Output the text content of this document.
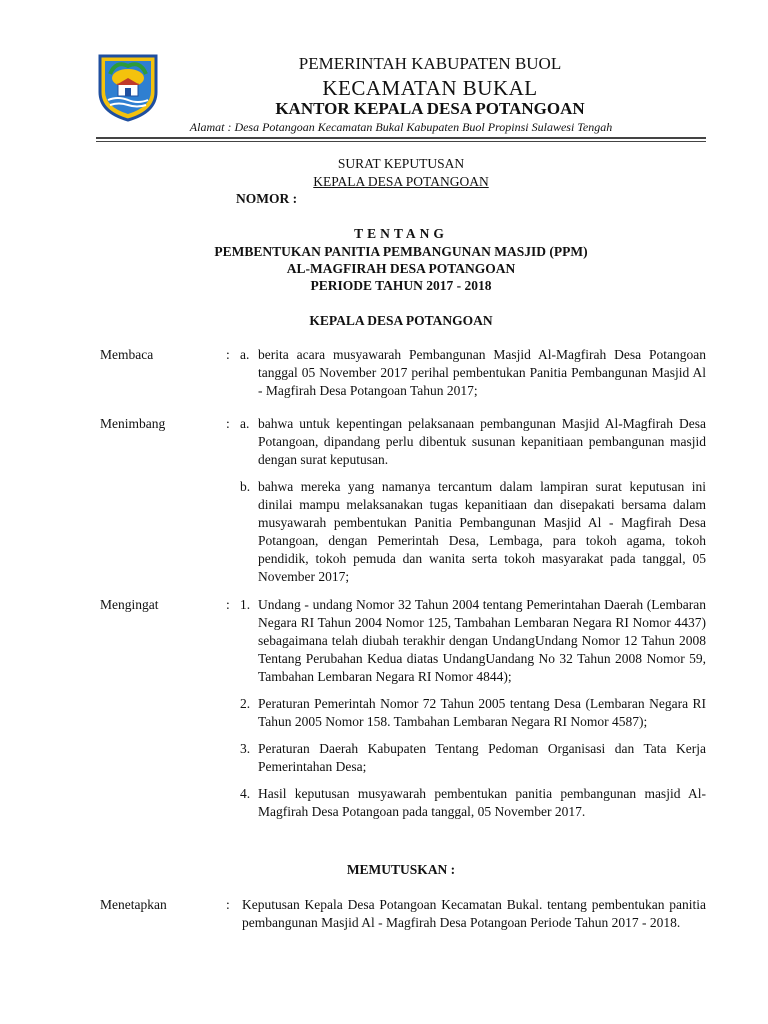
PEMERINTAH KABUPATEN BUOL
KECAMATAN BUKAL
KANTOR KEPALA DESA POTANGOAN
Alamat : Desa Potangoan Kecamatan Bukal Kabupaten Buol Propinsi Sulawesi Tengah
SURAT KEPUTUSAN
KEPALA DESA POTANGOAN
NOMOR :
TENTANG
PEMBENTUKAN PANITIA PEMBANGUNAN MASJID (PPM)
AL-MAGFIRAH DESA POTANGOAN
PERIODE TAHUN 2017 - 2018
KEPALA DESA POTANGOAN
Membaca	: a. berita acara musyawarah Pembangunan Masjid Al-Magfirah Desa Potangoan tanggal 05 November 2017 perihal pembentukan Panitia Pembangunan Masjid Al - Magfirah Desa Potangoan Tahun 2017;
Menimbang	: a. bahwa untuk kepentingan pelaksanaan pembangunan Masjid Al-Magfirah Desa Potangoan, dipandang perlu dibentuk susunan kepanitiaan pembangunan masjid dengan surat keputusan.
b. bahwa mereka yang namanya tercantum dalam lampiran surat keputusan ini dinilai mampu melaksanakan tugas kepanitiaan dan disepakati bersama dalam musyawarah pembentukan Panitia Pembangunan Masjid Al - Magfirah Desa Potangoan, dengan Pemerintah Desa, Lembaga, para tokoh agama, tokoh pendidik, tokoh pemuda dan wanita serta tokoh masyarakat pada tanggal, 05 November 2017;
Mengingat	: 1. Undang - undang Nomor 32 Tahun 2004 tentang Pemerintahan Daerah (Lembaran Negara RI Tahun 2004 Nomor 125, Tambahan Lembaran Negara RI Nomor 4437) sebagaimana telah diubah terakhir dengan UndangUndang Nomor 12 Tahun 2008 Tentang Perubahan Kedua diatas UndangUandang No 32 Tahun 2008 Nomor 59, Tambahan Lembaran Negara RI Nomor 4844);
2. Peraturan Pemerintah Nomor 72 Tahun 2005 tentang Desa (Lembaran Negara RI Tahun 2005 Nomor 158. Tambahan Lembaran Negara RI Nomor 4587);
3. Peraturan Daerah Kabupaten Tentang Pedoman Organisasi dan Tata Kerja Pemerintahan Desa;
4. Hasil keputusan musyawarah pembentukan panitia pembangunan masjid Al-Magfirah Desa Potangoan pada tanggal, 05 November 2017.
MEMUTUSKAN :
Menetapkan	: Keputusan Kepala Desa Potangoan Kecamatan Bukal. tentang pembentukan panitia pembangunan Masjid Al - Magfirah Desa Potangoan Periode Tahun 2017 - 2018.
